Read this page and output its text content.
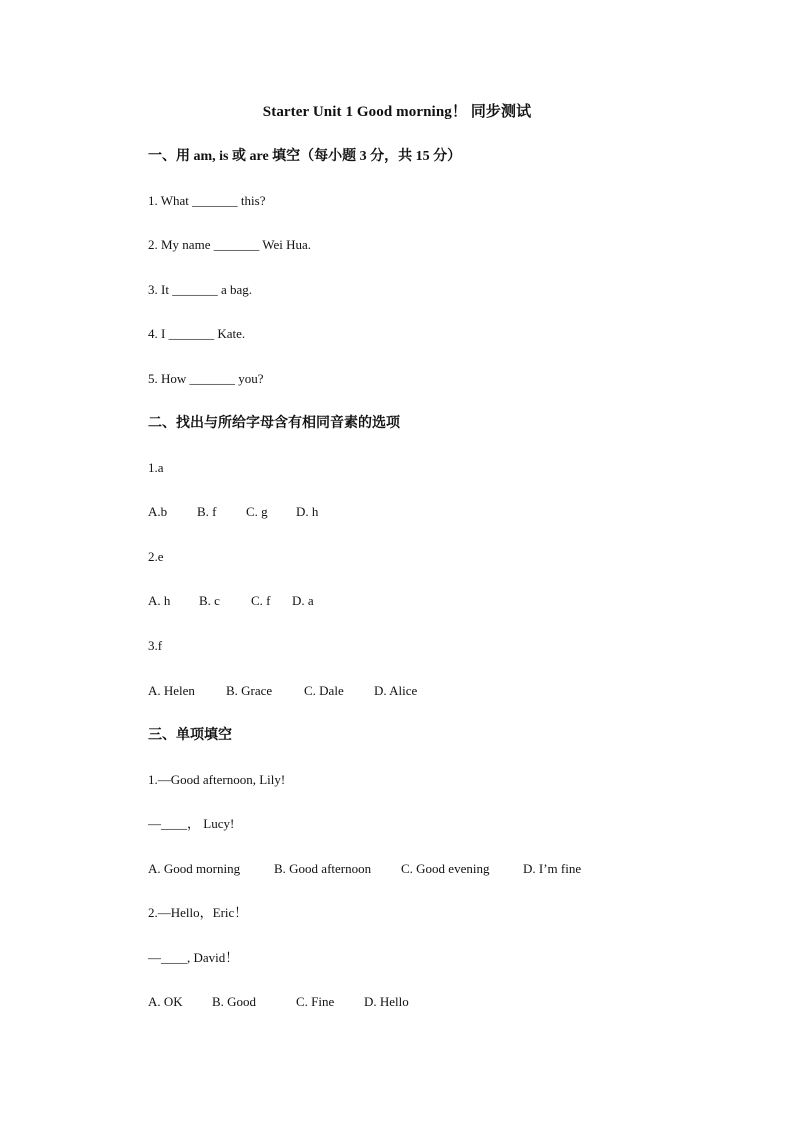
Starter Unit 1 Good morning！ 同步测试
一、用 am, is 或 are 填空（每小题 3 分，共 15 分）
1. What _______ this?
2. My name _______ Wei Hua.
3. It _______ a bag.
4. I _______ Kate.
5. How _______ you?
二、找出与所给字母含有相同音素的选项
1.a
A.b B. f C. g D. h
2.e
A. h B. c C. f D. a
3.f
A. Helen B. Grace C. Dale D. Alice
三、单项填空
1.—Good afternoon, Lily!
—____， Lucy!
A. Good morning	B. Good afternoon C. Good evening	D. I’m fine
2.—Hello，Eric！
—____, David！
A. OK B. Good	C. Fine D. Hello
